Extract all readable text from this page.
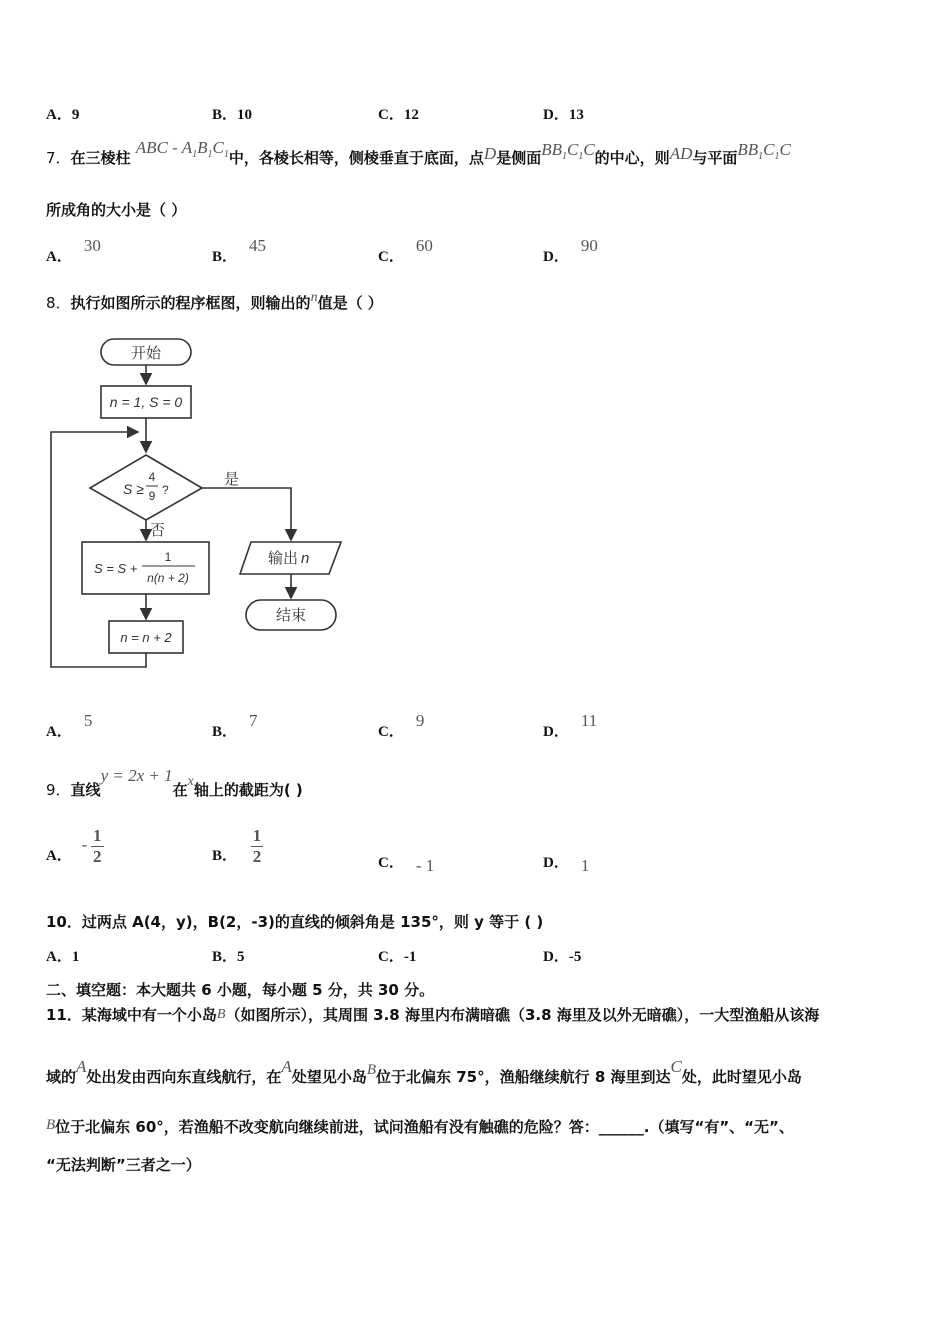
A．9	B．10	C．12	D．13
7．在三棱柱 ABC - $A_1B_1C_1$中，各棱长相等，侧棱垂直于底面，点D是侧面$BB_1C_1C$的中心，则AD与平面$BB_1C_1C$
所成角的大小是（ ）
A．30
B．45
C．60
D．90
8．执行如图所示的程序框图，则输出的n值是（ ）
开始
n = 1, S = 0
S ≥
4
9 ?
是
否
S = S +
1
n(n + 2)
n = n + 2
输出 n
结束
A．5
B．7
C．9
D．11
9．直线y = 2x + 1在x轴上的截距为( )
A． - $\frac{1}{2}$	B． $\frac{1}{2}$	C． - 1	D． 1
10．过两点 A(4，y)，B(2，-3)的直线的倾斜角是 135°，则 y 等于 ( )
A．1	B．5	C．-1	D．-5
二、填空题：本大题共 6 小题，每小题 5 分，共 30 分。
11．某海域中有一个小岛B（如图所示），其周围 3.8 海里内布满暗礁（3.8 海里及以外无暗礁），一大型渔船从该海
域的A处出发由西向东直线航行，在A处望见小岛B位于北偏东 75°，渔船继续航行 8 海里到达C处，此时望见小岛
B位于北偏东 60°，若渔船不改变航向继续前进，试问渔船有没有触礁的危险？答：______.（填写“有”、“无”、
“无法判断”三者之一）
